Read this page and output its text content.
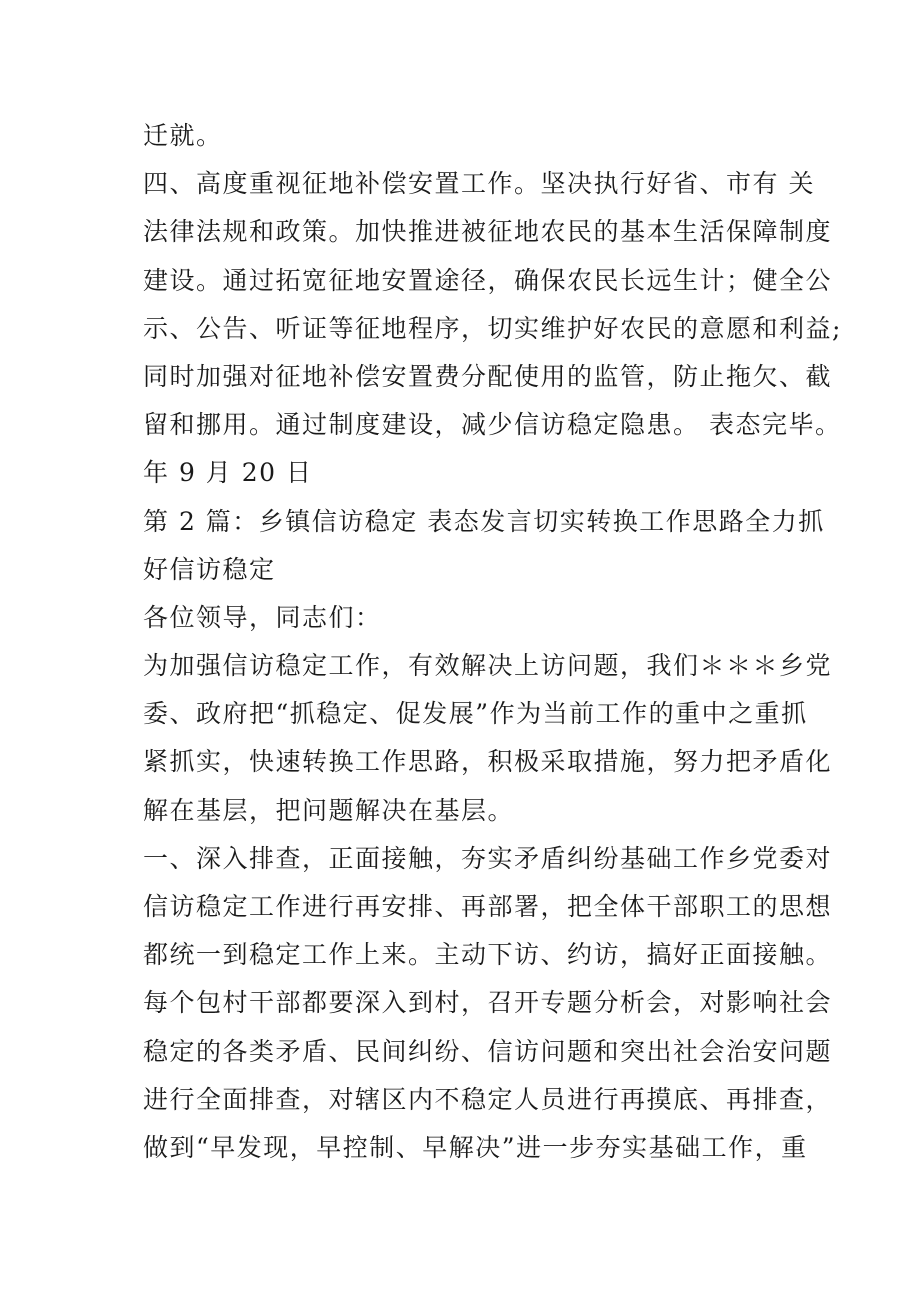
迁就。
四、高度重视征地补偿安置工作。坚决执行好省、市有 关
法律法规和政策。加快推进被征地农民的基本生活保障制度
建设。通过拓宽征地安置途径，确保农民长远生计；健全公
示、公告、听证等征地程序，切实维护好农民的意愿和利益;
同时加强对征地补偿安置费分配使用的监管，防止拖欠、截
留和挪用。通过制度建设，减少信访稳定隐患。 表态完毕。
年 9 月 20 日
第 2 篇：乡镇信访稳定 表态发言切实转换工作思路全力抓
好信访稳定
各位领导，同志们：
为加强信访稳定工作，有效解决上访问题，我们＊＊＊乡党
委、政府把“抓稳定、促发展”作为当前工作的重中之重抓
紧抓实，快速转换工作思路，积极采取措施，努力把矛盾化
解在基层，把问题解决在基层。
一、深入排查，正面接触，夯实矛盾纠纷基础工作乡党委对
信访稳定工作进行再安排、再部署，把全体干部职工的思想
都统一到稳定工作上来。主动下访、约访，搞好正面接触。
每个包村干部都要深入到村，召开专题分析会，对影响社会
稳定的各类矛盾、民间纠纷、信访问题和突出社会治安问题
进行全面排查，对辖区内不稳定人员进行再摸底、再排查，
做到“早发现，早控制、早解决”进一步夯实基础工作，重
